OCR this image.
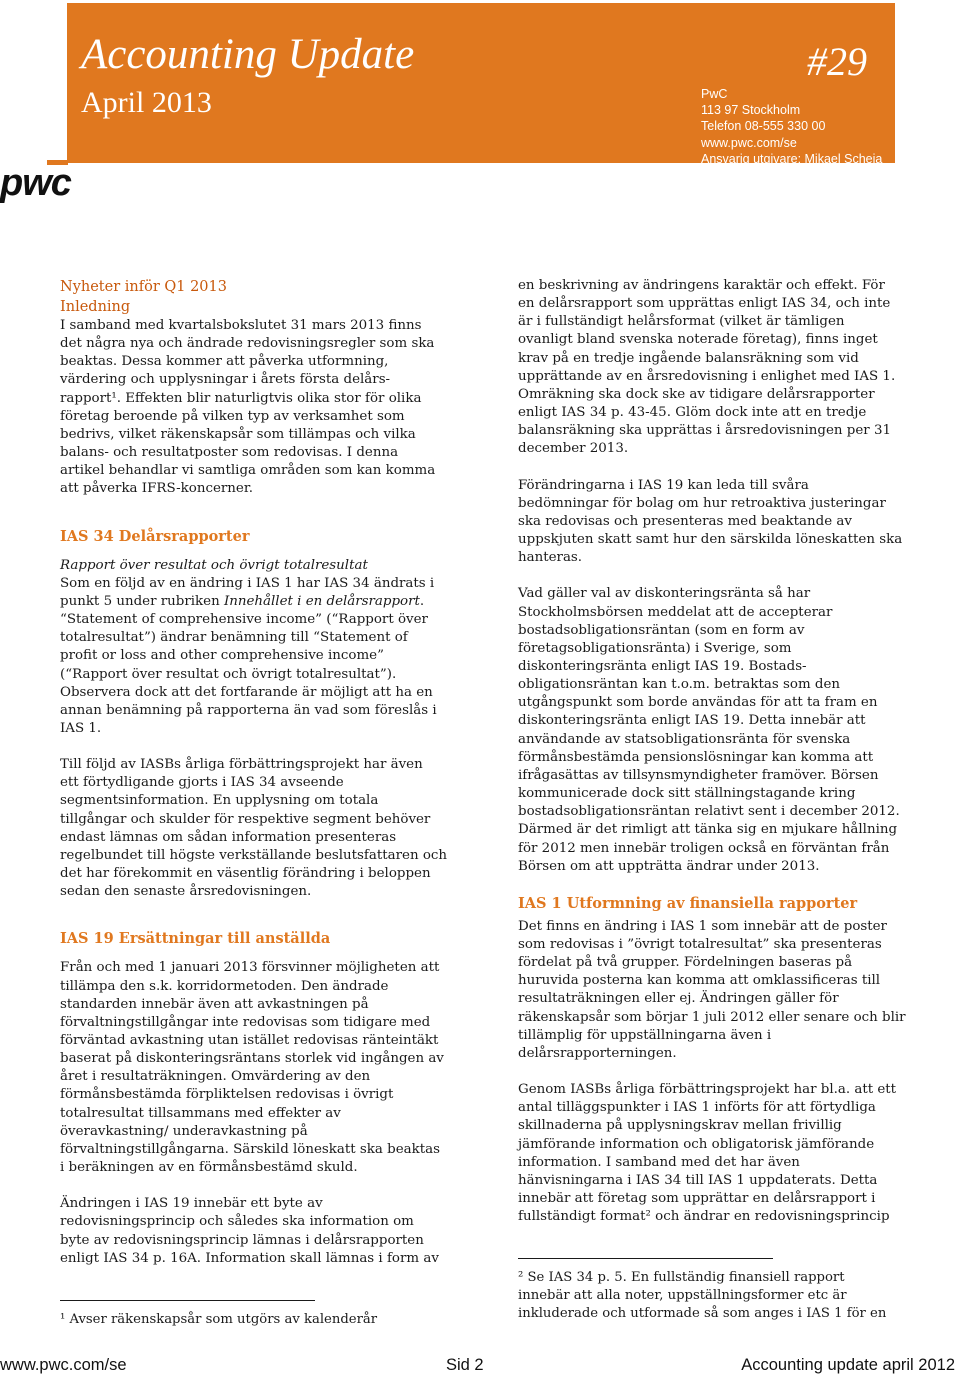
Accounting Update
April 2013
#29
PwC
113 97 Stockholm
Telefon 08-555 330 00
www.pwc.com/se
Ansvarig utgivare: Mikael Scheja
pwc

Nyheter inför Q1 2013

Inledning

I samband med kvartalsbokslutet 31 mars 2013 finns
det några nya och ändrade redovisningsregler som ska
beaktas. Dessa kommer att påverka utformning,
värdering och upplysningar i årets första delårs-
rapport¹. Effekten blir naturligtvis olika stor för olika
företag beroende på vilken typ av verksamhet som
bedrivs, vilket räkenskapsår som tillämpas och vilka
balans- och resultatposter som redovisas. I denna
artikel behandlar vi samtliga områden som kan komma
att påverka IFRS-koncerner.

IAS 34 Delårsrapporter

Rapport över resultat och övrigt totalresultat

Som en följd av en ändring i IAS 1 har IAS 34 ändrats i

punkt 5 under rubriken Innehållet i en delårsrapport.

“Statement of comprehensive income” (“Rapport över
totalresultat”) ändrar benämning till “Statement of
profit or loss and other comprehensive income”
(“Rapport över resultat och övrigt totalresultat”).
Observera dock att det fortfarande är möjligt att ha en
annan benämning på rapporterna än vad som föreslås i
IAS 1.
Till följd av IASBs årliga förbättringsprojekt har även
ett förtydligande gjorts i IAS 34 avseende
segmentsinformation. En upplysning om totala
tillgångar och skulder för respektive segment behöver
endast lämnas om sådan information presenteras
regelbundet till högste verkställande beslutsfattaren och
det har förekommit en väsentlig förändring i beloppen
sedan den senaste årsredovisningen.

IAS 19 Ersättningar till anställda

Från och med 1 januari 2013 försvinner möjligheten att
tillämpa den s.k. korridormetoden. Den ändrade
standarden innebär även att avkastningen på
förvaltningstillgångar inte redovisas som tidigare med
förväntad avkastning utan istället redovisas ränteintäkt
baserat på diskonteringsräntans storlek vid ingången av
året i resultaträkningen. Omvärdering av den
förmånsbestämda förpliktelsen redovisas i övrigt
totalresultat tillsammans med effekter av
överavkastning/ underavkastning på
förvaltningstillgångarna. Särskild löneskatt ska beaktas
i beräkningen av en förmånsbestämd skuld.
Ändringen i IAS 19 innebär ett byte av
redovisningsprincip och således ska information om
byte av redovisningsprincip lämnas i delårsrapporten
enligt IAS 34 p. 16A. Information skall lämnas i form av

¹ Avser räkenskapsår som utgörs av kalenderår

en beskrivning av ändringens karaktär och effekt. För
en delårsrapport som upprättas enligt IAS 34, och inte
är i fullständigt helårsformat (vilket är tämligen
ovanligt bland svenska noterade företag), finns inget
krav på en tredje ingående balansräkning som vid
upprättande av en årsredovisning i enlighet med IAS 1.
Omräkning ska dock ske av tidigare delårsrapporter
enligt IAS 34 p. 43-45. Glöm dock inte att en tredje
balansräkning ska upprättas i årsredovisningen per 31
december 2013.
Förändringarna i IAS 19 kan leda till svåra
bedömningar för bolag om hur retroaktiva justeringar
ska redovisas och presenteras med beaktande av
uppskjuten skatt samt hur den särskilda löneskatten ska
hanteras.
Vad gäller val av diskonteringsränta så har
Stockholmsbörsen meddelat att de accepterar
bostadsobligationsräntan (som en form av
företagsobligationsränta) i Sverige, som
diskonteringsränta enligt IAS 19. Bostads-
obligationsräntan kan t.o.m. betraktas som den
utgångspunkt som borde användas för att ta fram en
diskonteringsränta enligt IAS 19. Detta innebär att
användande av statsobligationsränta för svenska
förmånsbestämda pensionslösningar kan komma att
ifrågasättas av tillsynsmyndigheter framöver. Börsen
kommunicerade dock sitt ställningstagande kring
bostadsobligationsräntan relativt sent i december 2012.
Därmed är det rimligt att tänka sig en mjukare hållning
för 2012 men innebär troligen också en förväntan från
Börsen om att uppträtta ändrar under 2013.

IAS 1 Utformning av finansiella rapporter

Det finns en ändring i IAS 1 som innebär att de poster
som redovisas i ”övrigt totalresultat” ska presenteras
fördelat på två grupper. Fördelningen baseras på
huruvida posterna kan komma att omklassificeras till
resultaträkningen eller ej. Ändringen gäller för
räkenskapsår som börjar 1 juli 2012 eller senare och blir
tillämplig för uppställningarna även i
delårsrapporterningen.
Genom IASBs årliga förbättringsprojekt har bl.a. att ett
antal tilläggspunkter i IAS 1 införts för att förtydliga
skillnaderna på upplysningskrav mellan frivillig
jämförande information och obligatorisk jämförande
information. I samband med det har även
hänvisningarna i IAS 34 till IAS 1 uppdaterats. Detta
innebär att företag som upprättar en delårsrapport i
fullständigt format² och ändrar en redovisningsprincip
² Se IAS 34 p. 5. En fullständig finansiell rapport
innebär att alla noter, uppställningsformer etc är
inkluderade och utformade så som anges i IAS 1 för en
www.pwc.com/se	Sid 2	Accounting update april 2012
